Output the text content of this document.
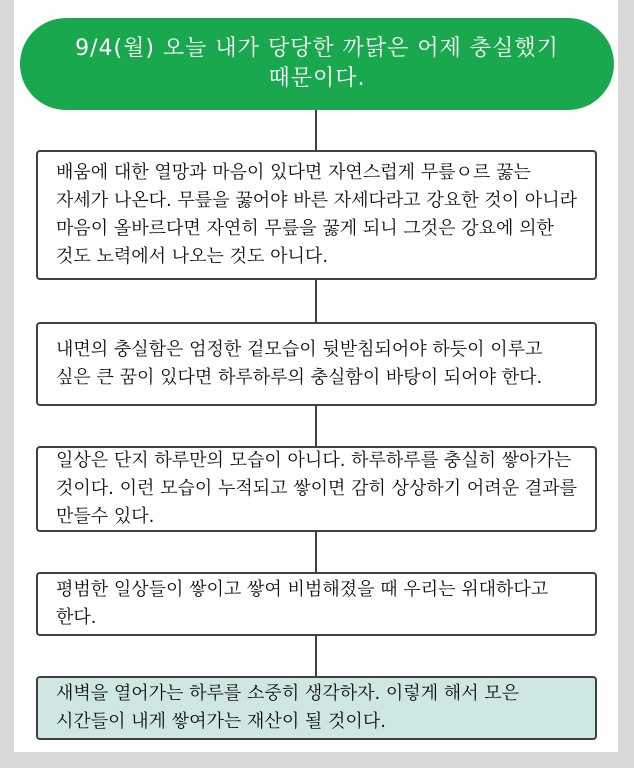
9/4(월) 오늘 내가 당당한 까닭은 어제 충실했기 때문이다.
배움에 대한 열망과 마음이 있다면 자연스럽게 무릎ㅇ르 꿇는 자세가 나온다. 무릎을 꿇어야 바른 자세다라고 강요한 것이 아니라 마음이 올바르다면 자연히 무릎을 꿇게 되니 그것은 강요에 의한 것도 노력에서 나오는 것도 아니다.
내면의 충실함은 엄정한 겉모습이 뒷받침되어야 하듯이 이루고 싶은 큰 꿈이 있다면 하루하루의 충실함이 바탕이 되어야 한다.
일상은 단지 하루만의 모습이 아니다. 하루하루를 충실히 쌓아가는 것이다. 이런 모습이 누적되고 쌓이면 감히 상상하기 어려운 결과를 만들수 있다.
평범한 일상들이 쌓이고 쌓여 비범해졌을 때 우리는 위대하다고 한다.
새벽을 열어가는 하루를 소중히 생각하자. 이렇게 해서 모은 시간들이 내게 쌓여가는 재산이 될 것이다.
